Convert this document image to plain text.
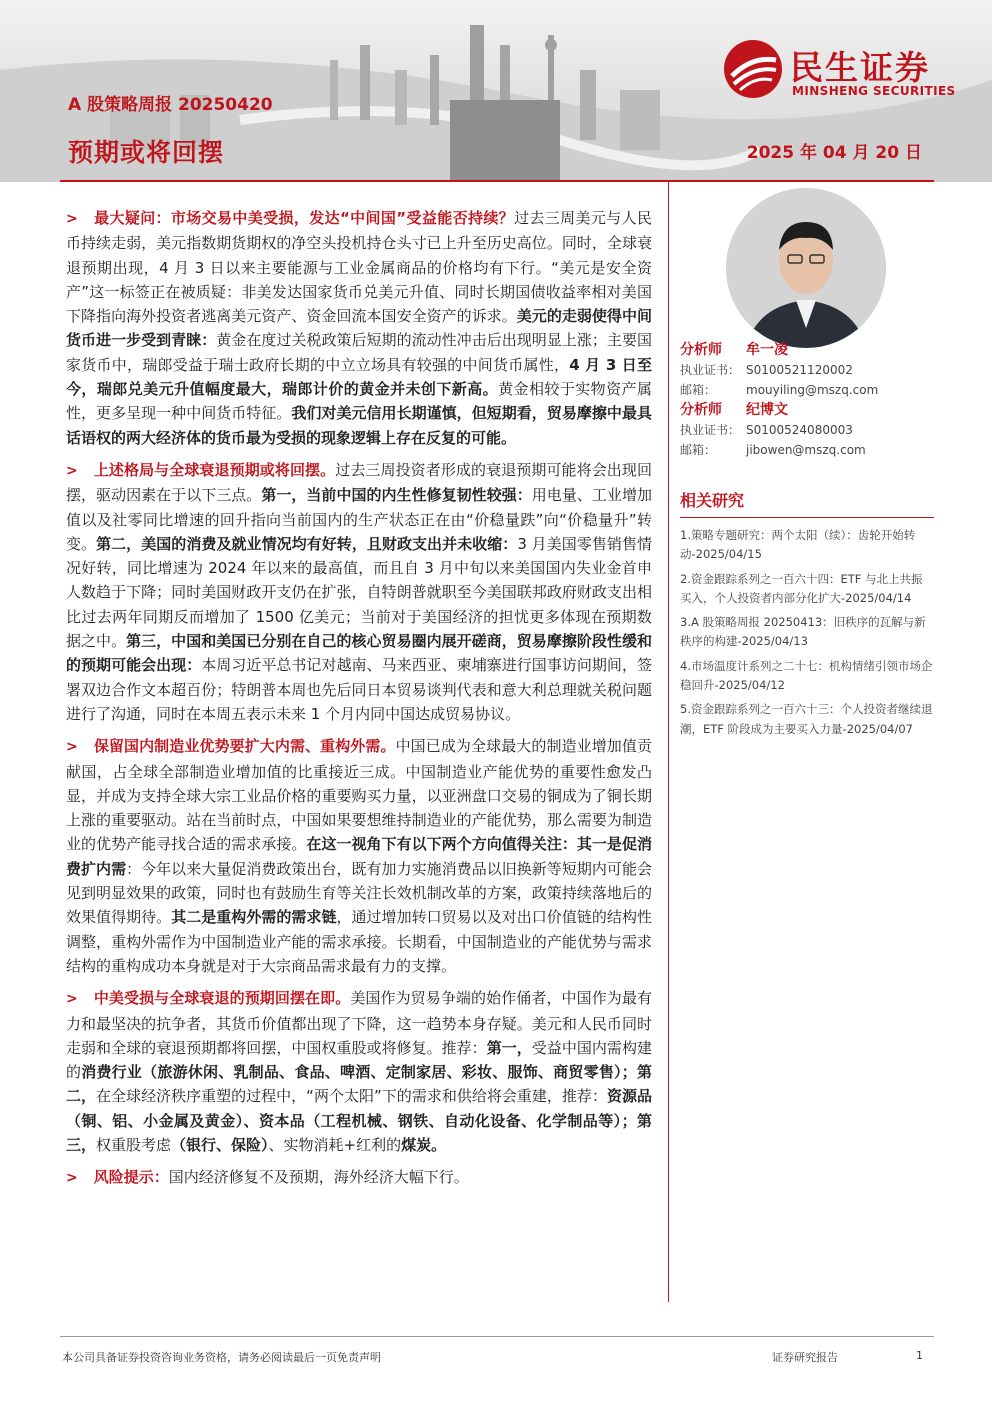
A 股策略周报 20250420
预期或将回摆	2025 年 04 月 20 日
民生证券
MINSHENG SECURITIES

> 最大疑问：市场交易中美受损，发达“中间国”受益能否持续？过去三周美元与人民币持续走弱，美元指数期货期权的净空头投机持仓头寸已上升至历史高位。同时，全球衰退预期出现，4 月 3 日以来主要能源与工业金属商品的价格均有下行。“美元是安全资产”这一标签正在被质疑：非美发达国家货币兑美元升值、同时长期国债收益率相对美国下降指向海外投资者逃离美元资产、资金回流本国安全资产的诉求。美元的走弱使得中间货币进一步受到青睐：黄金在度过关税政策后短期的流动性冲击后出现明显上涨；主要国家货币中，瑞郎受益于瑞士政府长期的中立立场具有较强的中间货币属性，4 月 3 日至今，瑞郎兑美元升值幅度最大，瑞郎计价的黄金并未创下新高。黄金相较于实物资产属性，更多呈现一种中间货币特征。我们对美元信用长期谨慎，但短期看，贸易摩擦中最具话语权的两大经济体的货币最为受损的现象逻辑上存在反复的可能。

> 上述格局与全球衰退预期或将回摆。过去三周投资者形成的衰退预期可能将会出现回摆，驱动因素在于以下三点。第一，当前中国的内生性修复韧性较强：用电量、工业增加值以及社零同比增速的回升指向当前国内的生产状态正在由“价稳量跌”向“价稳量升”转变。第二，美国的消费及就业情况均有好转，且财政支出并未收缩：3 月美国零售销售情况好转，同比增速为 2024 年以来的最高值，而且自 3 月中旬以来美国国内失业金首申人数趋于下降；同时美国财政开支仍在扩张，自特朗普就职至今美国联邦政府财政支出相比过去两年同期反而增加了 1500 亿美元；当前对于美国经济的担忧更多体现在预期数据之中。第三，中国和美国已分别在自己的核心贸易圈内展开磋商，贸易摩擦阶段性缓和的预期可能会出现：本周习近平总书记对越南、马来西亚、柬埔寨进行国事访问期间，签署双边合作文本超百份；特朗普本周也先后同日本贸易谈判代表和意大利总理就关税问题进行了沟通，同时在本周五表示未来 1 个月内同中国达成贸易协议。

> 保留国内制造业优势要扩大内需、重构外需。中国已成为全球最大的制造业增加值贡献国，占全球全部制造业增加值的比重接近三成。中国制造业产能优势的重要性愈发凸显，并成为支持全球大宗工业品价格的重要购买力量，以亚洲盘口交易的铜成为了铜长期上涨的重要驱动。站在当前时点，中国如果要想维持制造业的产能优势，那么需要为制造业的优势产能寻找合适的需求承接。在这一视角下有以下两个方向值得关注：其一是促消费扩内需：今年以来大量促消费政策出台，既有加力实施消费品以旧换新等短期内可能会见到明显效果的政策，同时也有鼓励生育等关注长效机制改革的方案，政策持续落地后的效果值得期待。其二是重构外需的需求链，通过增加转口贸易以及对出口价值链的结构性调整，重构外需作为中国制造业产能的需求承接。长期看，中国制造业的产能优势与需求结构的重构成功本身就是对于大宗商品需求最有力的支撑。

> 中美受损与全球衰退的预期回摆在即。美国作为贸易争端的始作俑者，中国作为最有力和最坚决的抗争者，其货币价值都出现了下降，这一趋势本身存疑。美元和人民币同时走弱和全球的衰退预期都将回摆，中国权重股或将修复。推荐：第一，受益中国内需构建的消费行业（旅游休闲、乳制品、食品、啤酒、定制家居、彩妆、服饰、商贸零售）；第二，在全球经济秩序重塑的过程中，“两个太阳”下的需求和供给将会重建，推荐：资源品（铜、铝、小金属及黄金）、资本品（工程机械、钢铁、自动化设备、化学制品等）；第三，权重股考虑（银行、保险）、实物消耗+红利的煤炭。

> 风险提示：国内经济修复不及预期，海外经济大幅下行。

分析师 牟一凌
执业证书： S0100521120002
邮箱： mouyiling@mszq.com
分析师 纪博文
执业证书： S0100524080003
邮箱： jibowen@mszq.com
相关研究
1.策略专题研究：两个太阳（续）：齿轮开始转动-2025/04/15
2.资金跟踪系列之一百六十四：ETF 与北上共振买入，个人投资者内部分化扩大-2025/04/14
3.A 股策略周报 20250413：旧秩序的瓦解与新秩序的构建-2025/04/13
4.市场温度计系列之二十七：机构情绪引领市场企稳回升-2025/04/12
5.资金跟踪系列之一百六十三：个人投资者继续退潮，ETF 阶段成为主要买入力量-2025/04/07
本公司具备证券投资咨询业务资格，请务必阅读最后一页免责声明	证券研究报告	1
